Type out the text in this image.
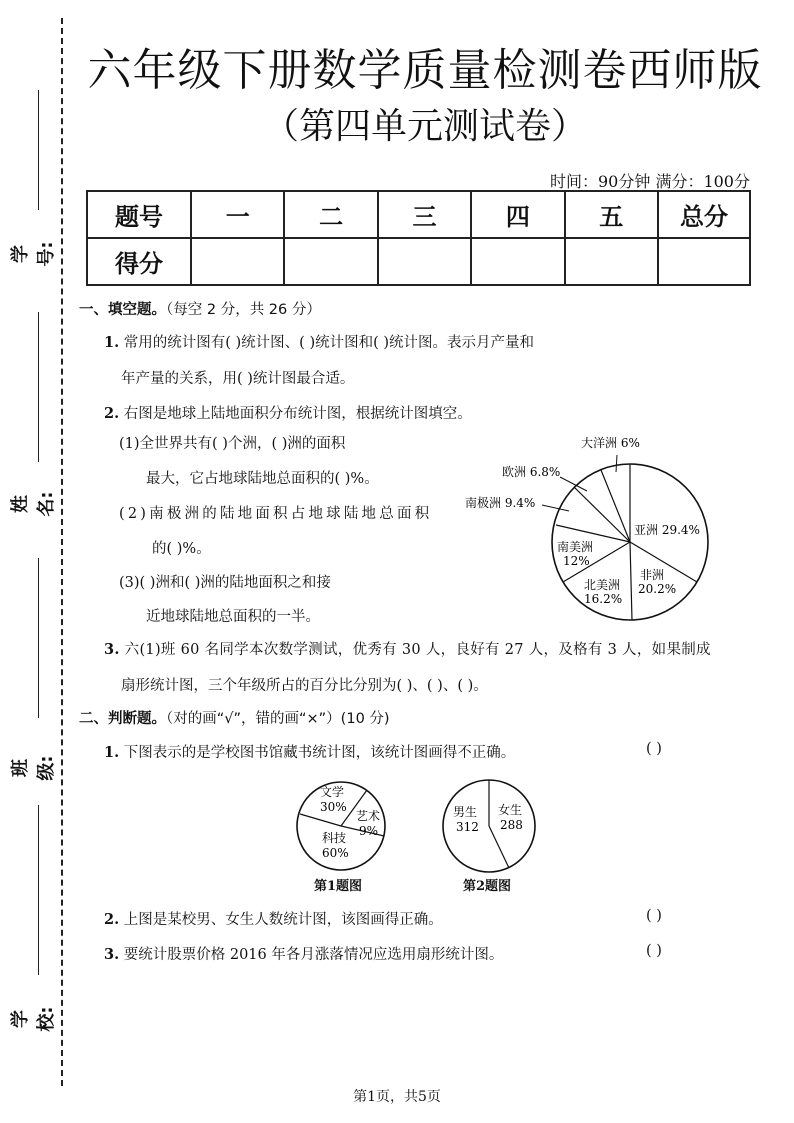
学号:
姓名:
班级:
学校:
六年级下册数学质量检测卷西师版
（第四单元测试卷）
时间：90分钟 满分：100分
题号	一	二	三	四	五	总分
得分						
一、填空题。（每空 2 分，共 26 分）
1. 常用的统计图有( )统计图、( )统计图和( )统计图。表示月产量和
年产量的关系，用( )统计图最合适。
2. 右图是地球上陆地面积分布统计图，根据统计图填空。
(1)全世界共有( )个洲，( )洲的面积
最大，它占地球陆地总面积的( )%。
(2)南极洲的陆地面积占地球陆地总面积
的( )%。
(3)( )洲和( )洲的陆地面积之和接
近地球陆地总面积的一半。
大洋洲 6%
欧洲 6.8%
南极洲 9.4%
亚洲 29.4%
南美洲
12%
非洲
20.2%
北美洲
16.2%
3. 六(1)班 60 名同学本次数学测试，优秀有 30 人，良好有 27 人，及格有 3 人，如果制成
扇形统计图，三个年级所占的百分比分别为( )、( )、( )。
二、判断题。（对的画“√”，错的画“×”）(10 分)
1. 下图表示的是学校图书馆藏书统计图，该统计图画得不正确。	( )
文学
30%
艺术
9%
科技
60%
第1题图
男生
312
女生
288
第2题图
2. 上图是某校男、女生人数统计图，该图画得正确。	( )
3. 要统计股票价格 2016 年各月涨落情况应选用扇形统计图。	( )
第1页，共5页
